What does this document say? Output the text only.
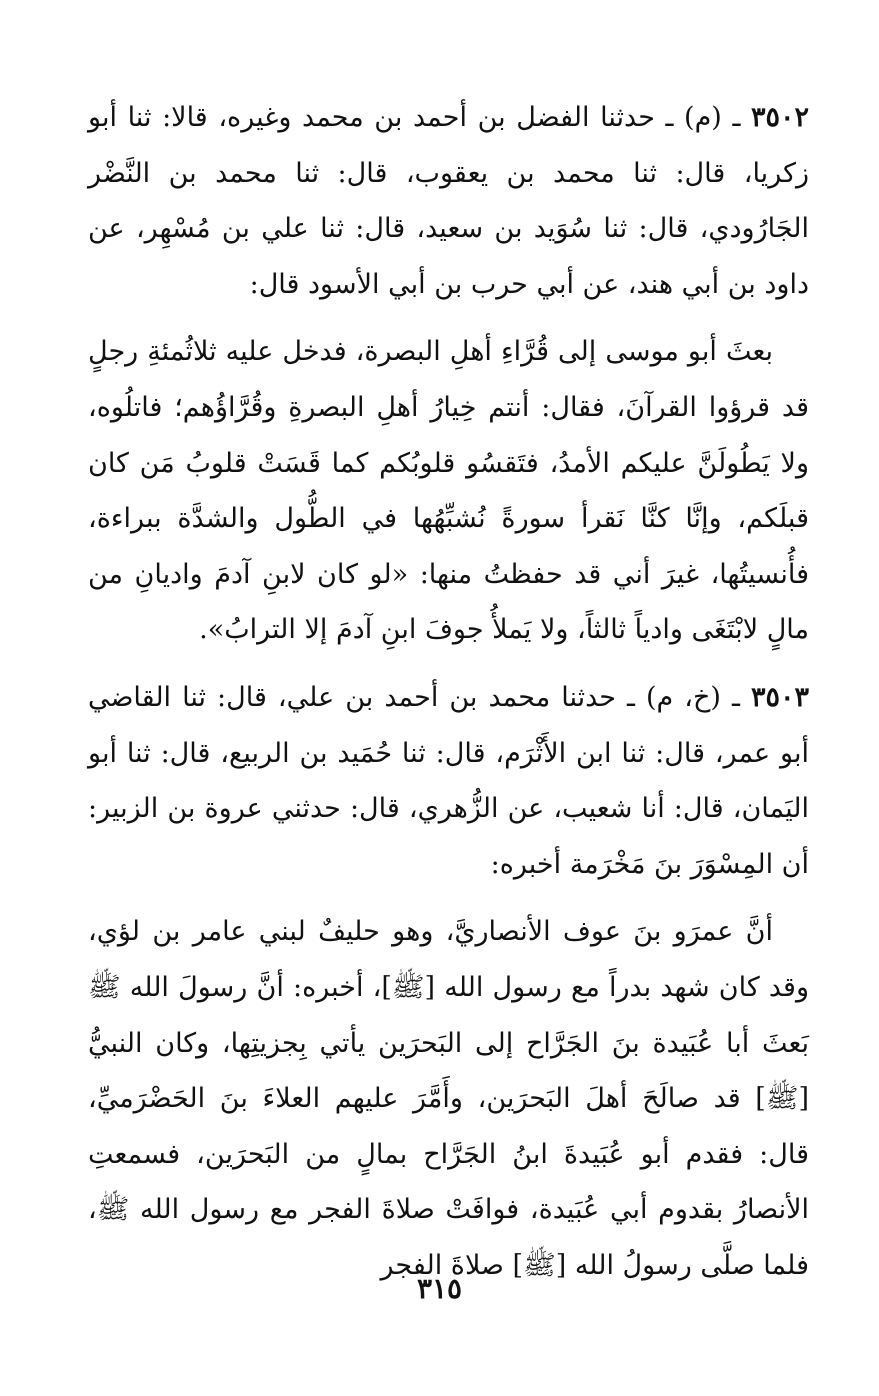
٣٥٠٢ ـ (م) ـ حدثنا الفضل بن أحمد بن محمد وغيره، قالا: ثنا أبو زكريا، قال: ثنا محمد بن يعقوب، قال: ثنا محمد بن النَّضْر الجَارُودي، قال: ثنا سُوَيد بن سعيد، قال: ثنا علي بن مُسْهِر، عن داود بن أبي هند، عن أبي حرب بن أبي الأسود قال:

بعثَ أبو موسى إلى قُرَّاءِ أهلِ البصرة، فدخل عليه ثلاثُمئةِ رجلٍ قد قرؤوا القرآنَ، فقال: أنتم خِيارُ أهلِ البصرةِ وقُرَّاؤُهم؛ فاتلُوه، ولا يَطُولَنَّ عليكم الأمدُ، فتَقسُو قلوبُكم كما قَسَتْ قلوبُ مَن كان قبلَكم، وإنَّا كنَّا نَقرأ سورةً نُشبِّهُها في الطُّول والشدَّة ببراءة، فأُنسيتُها، غيرَ أني قد حفظتُ منها: «لو كان لابنِ آدمَ واديانِ من مالٍ لابْتَغَى وادياً ثالثاً، ولا يَملأُ جوفَ ابنِ آدمَ إلا الترابُ».

٣٥٠٣ ـ (خ، م) ـ حدثنا محمد بن أحمد بن علي، قال: ثنا القاضي أبو عمر، قال: ثنا ابن الأَثْرَم، قال: ثنا حُمَيد بن الربيع، قال: ثنا أبو اليَمان، قال: أنا شعيب، عن الزُّهري، قال: حدثني عروة بن الزبير: أن المِسْوَرَ بنَ مَخْرَمة أخبره:

أنَّ عمرَو بنَ عوف الأنصاريَّ، وهو حليفٌ لبني عامر بن لؤي، وقد كان شهد بدراً مع رسول الله [ﷺ]، أخبره: أنَّ رسولَ الله ﷺ بَعثَ أبا عُبَيدة بنَ الجَرَّاح إلى البَحرَين يأتي بِجزيتِها، وكان النبيُّ [ﷺ] قد صالَحَ أهلَ البَحرَين، وأَمَّرَ عليهم العلاءَ بنَ الحَضْرَميِّ، قال: فقدم أبو عُبَيدةَ ابنُ الجَرَّاح بمالٍ من البَحرَين، فسمعتِ الأنصارُ بقدوم أبي عُبَيدة، فوافَتْ صلاةَ الفجر مع رسول الله ﷺ، فلما صلَّى رسولُ الله [ﷺ] صلاةَ الفجر

٣١٥
